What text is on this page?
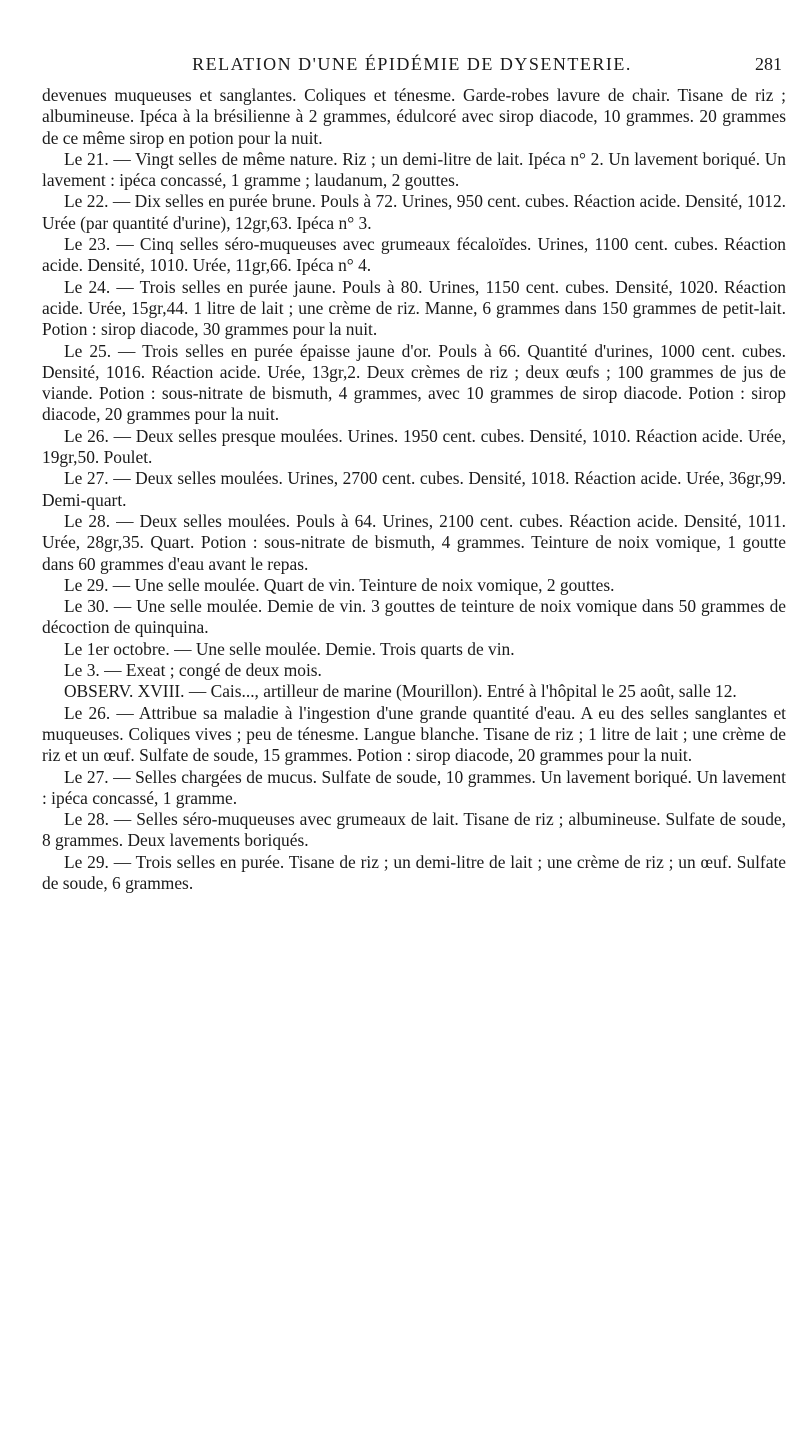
RELATION D'UNE ÉPIDÉMIE DE DYSENTERIE.	281

devenues muqueuses et sanglantes. Coliques et ténesme. Garde-robes lavure de chair. Tisane de riz ; albumineuse. Ipéca à la brésilienne à 2 grammes, édulcoré avec sirop diacode, 10 grammes. 20 grammes de ce même sirop en potion pour la nuit.

Le 21. — Vingt selles de même nature. Riz ; un demi-litre de lait. Ipéca n° 2. Un lavement boriqué. Un lavement : ipéca concassé, 1 gramme ; laudanum, 2 gouttes.

Le 22. — Dix selles en purée brune. Pouls à 72. Urines, 950 cent. cubes. Réaction acide. Densité, 1012. Urée (par quantité d'urine), 12gr,63. Ipéca n° 3.

Le 23. — Cinq selles séro-muqueuses avec grumeaux fécaloïdes. Urines, 1100 cent. cubes. Réaction acide. Densité, 1010. Urée, 11gr,66. Ipéca n° 4.

Le 24. — Trois selles en purée jaune. Pouls à 80. Urines, 1150 cent. cubes. Densité, 1020. Réaction acide. Urée, 15gr,44. 1 litre de lait ; une crème de riz. Manne, 6 grammes dans 150 grammes de petit-lait. Potion : sirop diacode, 30 grammes pour la nuit.

Le 25. — Trois selles en purée épaisse jaune d'or. Pouls à 66. Quantité d'urines, 1000 cent. cubes. Densité, 1016. Réaction acide. Urée, 13gr,2. Deux crèmes de riz ; deux œufs ; 100 grammes de jus de viande. Potion : sous-nitrate de bismuth, 4 grammes, avec 10 grammes de sirop diacode. Potion : sirop diacode, 20 grammes pour la nuit.

Le 26. — Deux selles presque moulées. Urines. 1950 cent. cubes. Densité, 1010. Réaction acide. Urée, 19gr,50. Poulet.

Le 27. — Deux selles moulées. Urines, 2700 cent. cubes. Densité, 1018. Réaction acide. Urée, 36gr,99. Demi-quart.

Le 28. — Deux selles moulées. Pouls à 64. Urines, 2100 cent. cubes. Réaction acide. Densité, 1011. Urée, 28gr,35. Quart. Potion : sous-nitrate de bismuth, 4 grammes. Teinture de noix vomique, 1 goutte dans 60 grammes d'eau avant le repas.

Le 29. — Une selle moulée. Quart de vin. Teinture de noix vomique, 2 gouttes.

Le 30. — Une selle moulée. Demie de vin. 3 gouttes de teinture de noix vomique dans 50 grammes de décoction de quinquina.

Le 1er octobre. — Une selle moulée. Demie. Trois quarts de vin.

Le 3. — Exeat ; congé de deux mois.

OBSERV. XVIII. — Cais..., artilleur de marine (Mourillon). Entré à l'hôpital le 25 août, salle 12.

Le 26. — Attribue sa maladie à l'ingestion d'une grande quantité d'eau. A eu des selles sanglantes et muqueuses. Coliques vives ; peu de ténesme. Langue blanche. Tisane de riz ; 1 litre de lait ; une crème de riz et un œuf. Sulfate de soude, 15 grammes. Potion : sirop diacode, 20 grammes pour la nuit.

Le 27. — Selles chargées de mucus. Sulfate de soude, 10 grammes. Un lavement boriqué. Un lavement : ipéca concassé, 1 gramme.

Le 28. — Selles séro-muqueuses avec grumeaux de lait. Tisane de riz ; albumineuse. Sulfate de soude, 8 grammes. Deux lavements boriqués.

Le 29. — Trois selles en purée. Tisane de riz ; un demi-litre de lait ; une crème de riz ; un œuf. Sulfate de soude, 6 grammes.
